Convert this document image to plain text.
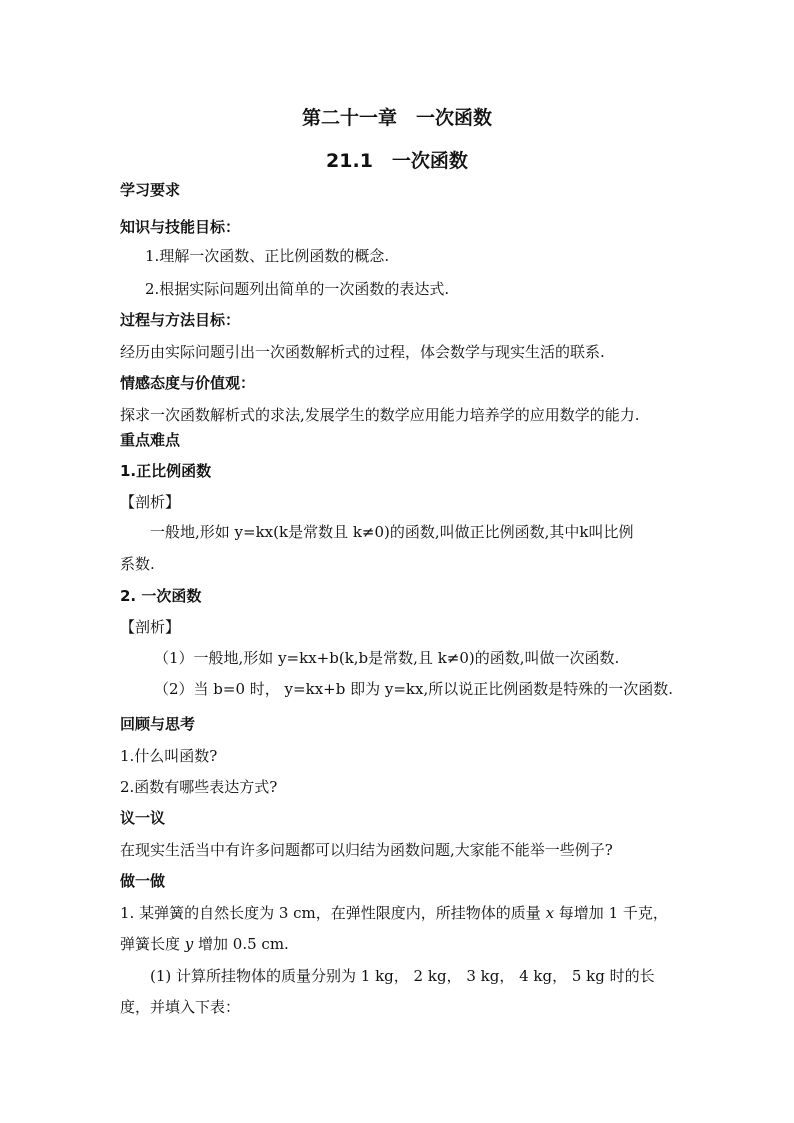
第二十一章　一次函数
21.1　一次函数
学习要求
知识与技能目标：
1.理解一次函数、正比例函数的概念.
2.根据实际问题列出简单的一次函数的表达式.
过程与方法目标：
经历由实际问题引出一次函数解析式的过程，体会数学与现实生活的联系.
情感态度与价值观：
探求一次函数解析式的求法,发展学生的数学应用能力培养学的应用数学的能力.
重点难点
1.正比例函数
【剖析】
一般地,形如 y=kx(k是常数且 k≠0)的函数,叫做正比例函数,其中k叫比例
系数.
2. 一次函数
【剖析】
（1）一般地,形如 y=kx+b(k,b是常数,且 k≠0)的函数,叫做一次函数.
（2）当 b=0 时， y=kx+b 即为 y=kx,所以说正比例函数是特殊的一次函数.
回顾与思考
1.什么叫函数?
2.函数有哪些表达方式?
议一议
在现实生活当中有许多问题都可以归结为函数问题,大家能不能举一些例子?
做一做
1. 某弹簧的自然长度为 3 cm，在弹性限度内，所挂物体的质量 x 每增加 1 千克，
弹簧长度 y 增加 0.5 cm.
(1) 计算所挂物体的质量分别为 1 kg， 2 kg， 3 kg， 4 kg， 5 kg 时的长
度，并填入下表：
